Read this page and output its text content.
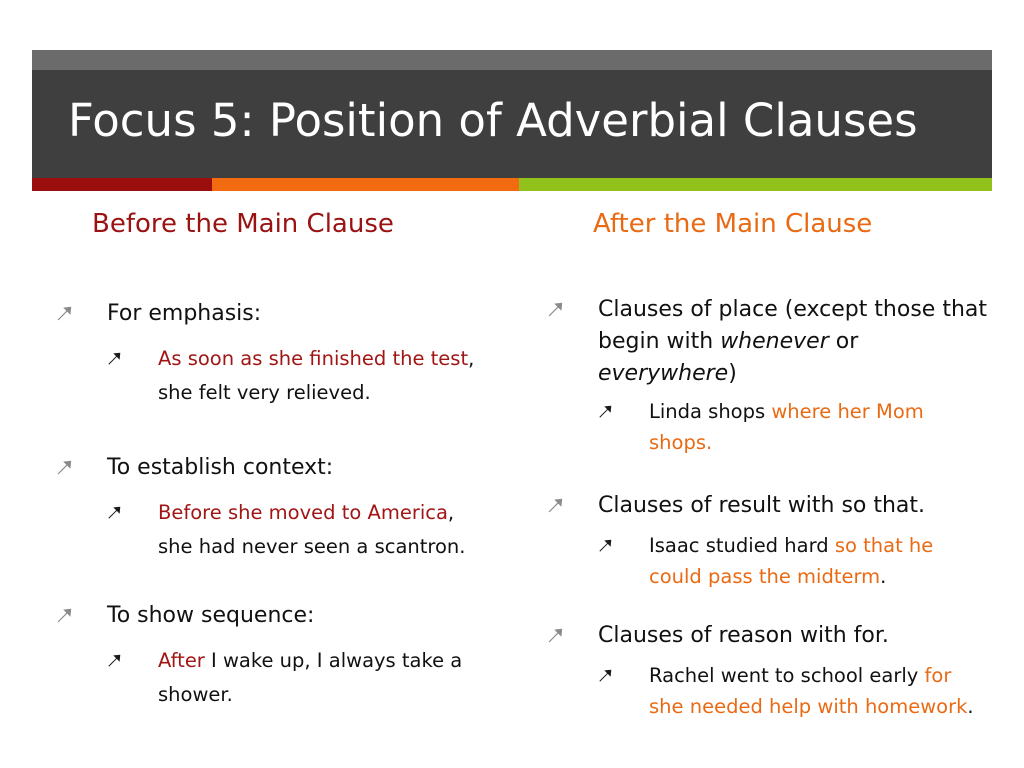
Focus 5: Position of Adverbial Clauses
Before the Main Clause	After the Main Clause
For emphasis:
As soon as she finished the test, she felt very relieved.
To establish context:
Before she moved to America, she had never seen a scantron.
To show sequence:
After I wake up, I always take a shower.
Clauses of place (except those that begin with whenever or everywhere)
Linda shops where her Mom shops.
Clauses of result with so that.
Isaac studied hard so that he could pass the midterm.
Clauses of reason with for.
Rachel went to school early for she needed help with homework.
